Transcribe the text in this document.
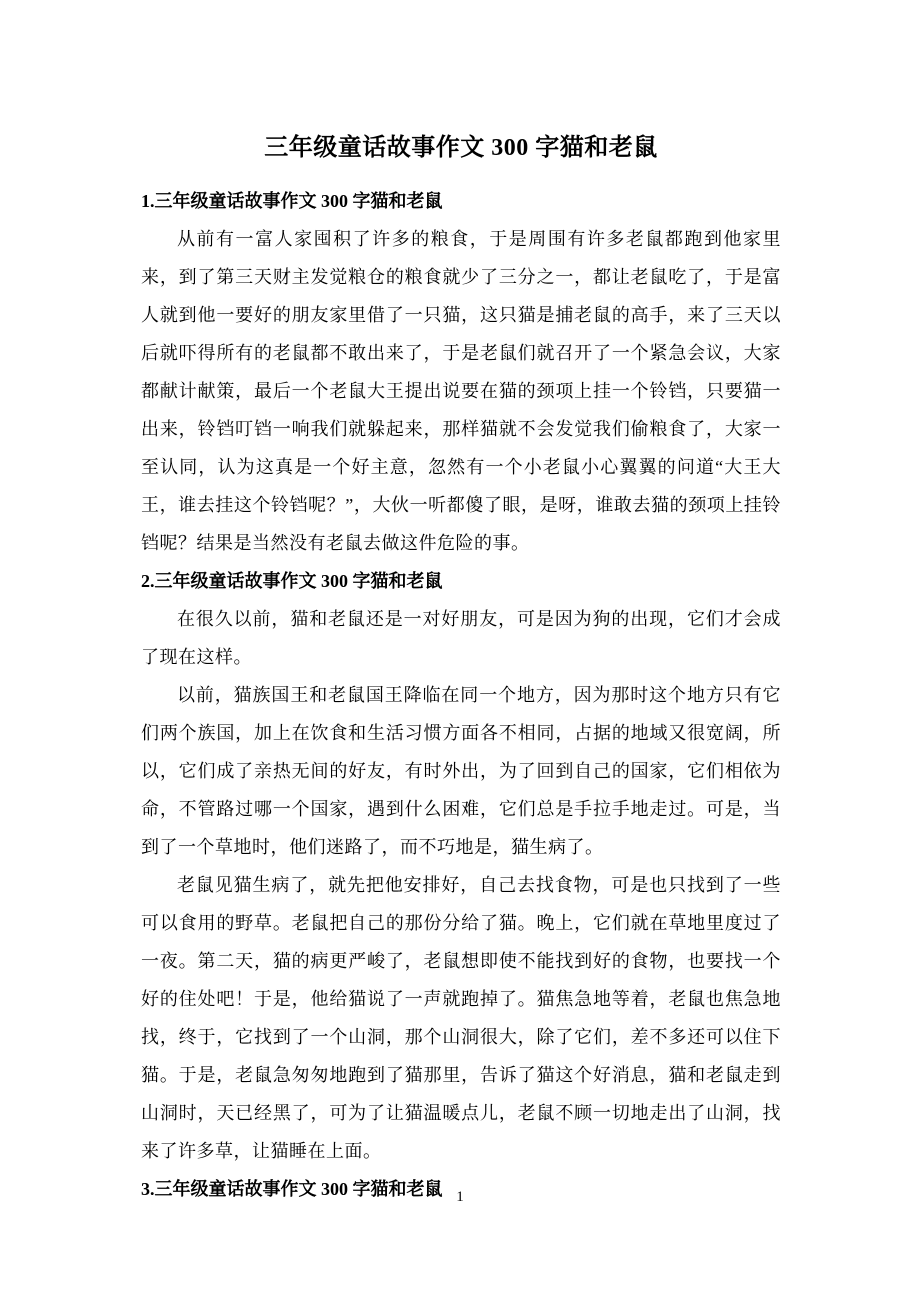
三年级童话故事作文 300 字猫和老鼠
1.三年级童话故事作文 300 字猫和老鼠

从前有一富人家囤积了许多的粮食，于是周围有许多老鼠都跑到他家里来，到了第三天财主发觉粮仓的粮食就少了三分之一，都让老鼠吃了，于是富人就到他一要好的朋友家里借了一只猫，这只猫是捕老鼠的高手，来了三天以后就吓得所有的老鼠都不敢出来了，于是老鼠们就召开了一个紧急会议，大家都献计献策，最后一个老鼠大王提出说要在猫的颈项上挂一个铃铛，只要猫一出来，铃铛叮铛一响我们就躲起来，那样猫就不会发觉我们偷粮食了，大家一至认同，认为这真是一个好主意，忽然有一个小老鼠小心翼翼的问道“大王大王，谁去挂这个铃铛呢？”，大伙一听都傻了眼，是呀，谁敢去猫的颈项上挂铃铛呢？结果是当然没有老鼠去做这件危险的事。

2.三年级童话故事作文 300 字猫和老鼠

在很久以前，猫和老鼠还是一对好朋友，可是因为狗的出现，它们才会成了现在这样。

以前，猫族国王和老鼠国王降临在同一个地方，因为那时这个地方只有它们两个族国，加上在饮食和生活习惯方面各不相同，占据的地域又很宽阔，所以，它们成了亲热无间的好友，有时外出，为了回到自己的国家，它们相依为命，不管路过哪一个国家，遇到什么困难，它们总是手拉手地走过。可是，当到了一个草地时，他们迷路了，而不巧地是，猫生病了。

老鼠见猫生病了，就先把他安排好，自己去找食物，可是也只找到了一些可以食用的野草。老鼠把自己的那份分给了猫。晚上，它们就在草地里度过了一夜。第二天，猫的病更严峻了，老鼠想即使不能找到好的食物，也要找一个好的住处吧！于是，他给猫说了一声就跑掉了。猫焦急地等着，老鼠也焦急地找，终于，它找到了一个山洞，那个山洞很大，除了它们，差不多还可以住下猫。于是，老鼠急匆匆地跑到了猫那里，告诉了猫这个好消息，猫和老鼠走到山洞时，天已经黑了，可为了让猫温暖点儿，老鼠不顾一切地走出了山洞，找来了许多草，让猫睡在上面。

3.三年级童话故事作文 300 字猫和老鼠 1
